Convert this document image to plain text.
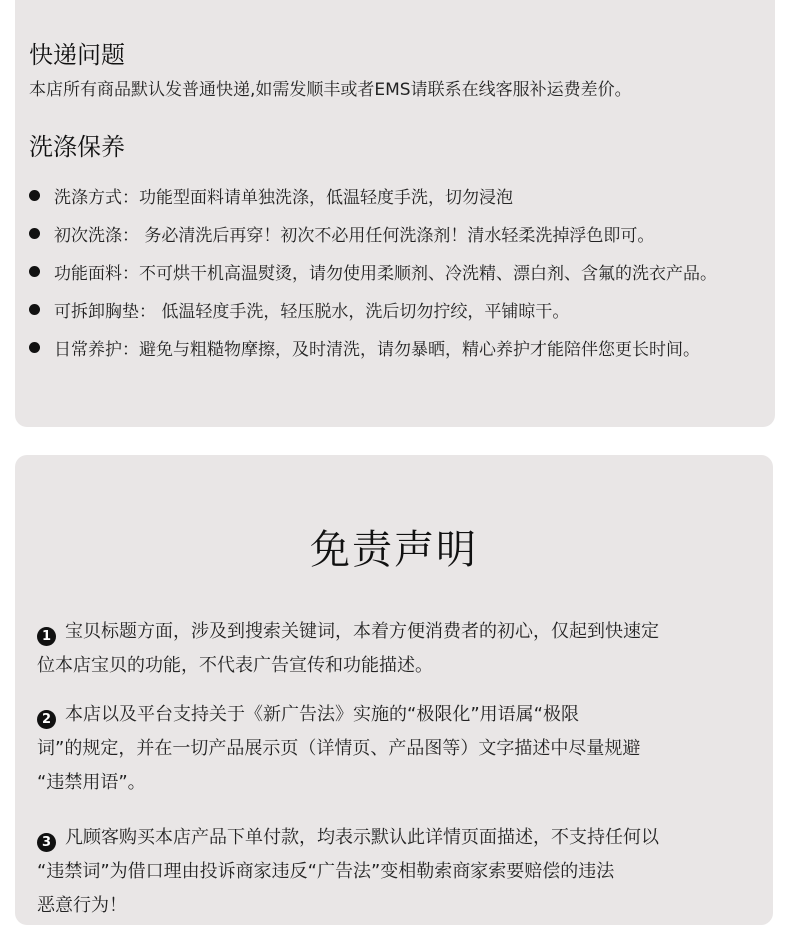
快递问题
本店所有商品默认发普通快递,如需发顺丰或者EMS请联系在线客服补运费差价。
洗涤保养
洗涤方式：功能型面料请单独洗涤，低温轻度手洗，切勿浸泡
初次洗涤： 务必清洗后再穿！初次不必用任何洗涤剂！清水轻柔洗掉浮色即可。
功能面料：不可烘干机高温熨烫，请勿使用柔顺剂、冷洗精、漂白剂、含氟的洗衣产品。
可拆卸胸垫： 低温轻度手洗，轻压脱水，洗后切勿拧绞，平铺晾干。
日常养护：避免与粗糙物摩擦，及时清洗，请勿暴晒，精心养护才能陪伴您更长时间。
免责声明
1 宝贝标题方面，涉及到搜索关键词，本着方便消费者的初心，仅起到快速定
位本店宝贝的功能，不代表广告宣传和功能描述。
2 本店以及平台支持关于《新广告法》实施的“极限化”用语属“极限
词”的规定，并在一切产品展示页（详情页、产品图等）文字描述中尽量规避
“违禁用语”。
3 凡顾客购买本店产品下单付款，均表示默认此详情页面描述，不支持任何以
“违禁词”为借口理由投诉商家违反“广告法”变相勒索商家索要赔偿的违法
恶意行为！
